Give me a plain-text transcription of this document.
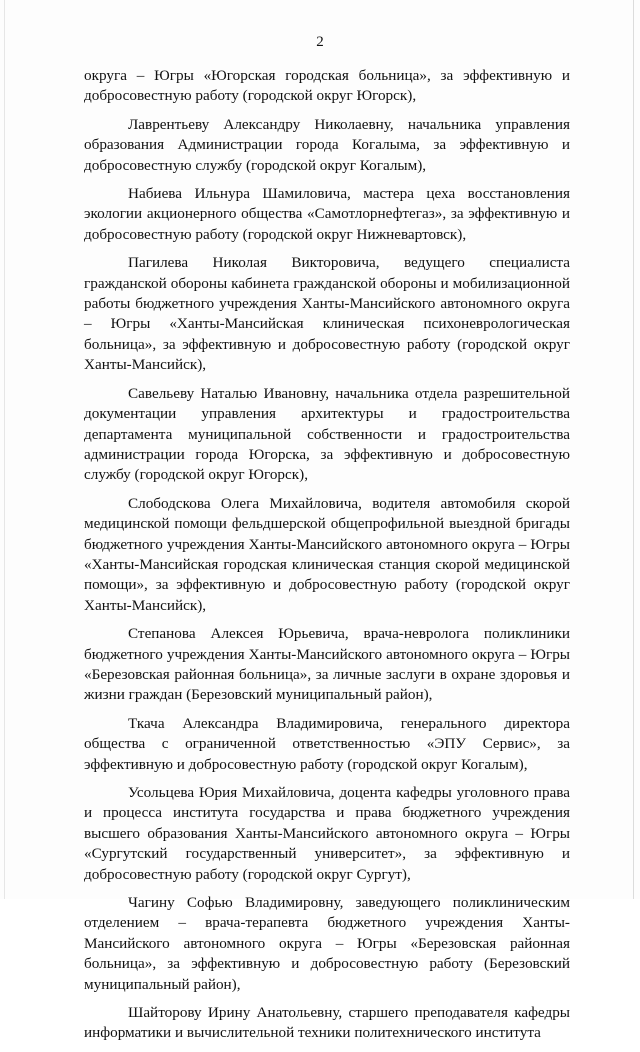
2

округа – Югры «Югорская городская больница», за эффективную и добросовестную работу (городской округ Югорск),

Лаврентьеву Александру Николаевну, начальника управления образования Администрации города Когалыма, за эффективную и добросовестную службу (городской округ Когалым),

Набиева Ильнура Шамиловича, мастера цеха восстановления экологии акционерного общества «Самотлорнефтегаз», за эффективную и добросовестную работу (городской округ Нижневартовск),

Пагилева Николая Викторовича, ведущего специалиста гражданской обороны кабинета гражданской обороны и мобилизационной работы бюджетного учреждения Ханты-Мансийского автономного округа – Югры «Ханты-Мансийская клиническая психоневрологическая больница», за эффективную и добросовестную работу (городской округ Ханты-Мансийск),

Савельеву Наталью Ивановну, начальника отдела разрешительной документации управления архитектуры и градостроительства департамента муниципальной собственности и градостроительства администрации города Югорска, за эффективную и добросовестную службу (городской округ Югорск),

Слободскова Олега Михайловича, водителя автомобиля скорой медицинской помощи фельдшерской общепрофильной выездной бригады бюджетного учреждения Ханты-Мансийского автономного округа – Югры «Ханты-Мансийская городская клиническая станция скорой медицинской помощи», за эффективную и добросовестную работу (городской округ Ханты-Мансийск),

Степанова Алексея Юрьевича, врача-невролога поликлиники бюджетного учреждения Ханты-Мансийского автономного округа – Югры «Березовская районная больница», за личные заслуги в охране здоровья и жизни граждан (Березовский муниципальный район),

Ткача Александра Владимировича, генерального директора общества с ограниченной ответственностью «ЭПУ Сервис», за эффективную и добросовестную работу (городской округ Когалым),

Усольцева Юрия Михайловича, доцента кафедры уголовного права и процесса института государства и права бюджетного учреждения высшего образования Ханты-Мансийского автономного округа – Югры «Сургутский государственный университет», за эффективную и добросовестную работу (городской округ Сургут),

Чагину Софью Владимировну, заведующего поликлиническим отделением – врача-терапевта бюджетного учреждения Ханты-Мансийского автономного округа – Югры «Березовская районная больница», за эффективную и добросовестную работу (Березовский муниципальный район),

Шайторову Ирину Анатольевну, старшего преподавателя кафедры информатики и вычислительной техники политехнического института
